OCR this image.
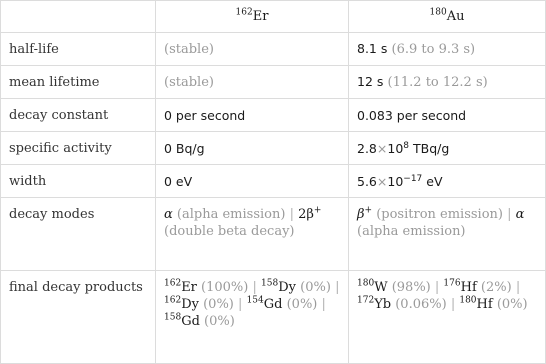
	$^{162}$Er	$^{180}$Au
half-life	(stable)	8.1 s (6.9 to 9.3 s)
mean lifetime	(stable)	12 s (11.2 to 12.2 s)
decay constant	0 per second	0.083 per second
specific activity	0 Bq/g	$2.8\times 10^8$ TBq/g
width	0 eV	$5.6\times 10^{-17}$ eV
decay modes	α (alpha emission) | 2β+ (double beta decay)	β+ (positron emission) | α (alpha emission)
final decay products	$^{162}$Er (100%) | $^{158}$Dy (0%) | $^{162}$Dy (0%) | $^{154}$Gd (0%) | $^{158}$Gd (0%)	$^{180}$W (98%) | $^{176}$Hf (2%) | $^{172}$Yb (0.06%) | $^{180}$Hf (0%)
